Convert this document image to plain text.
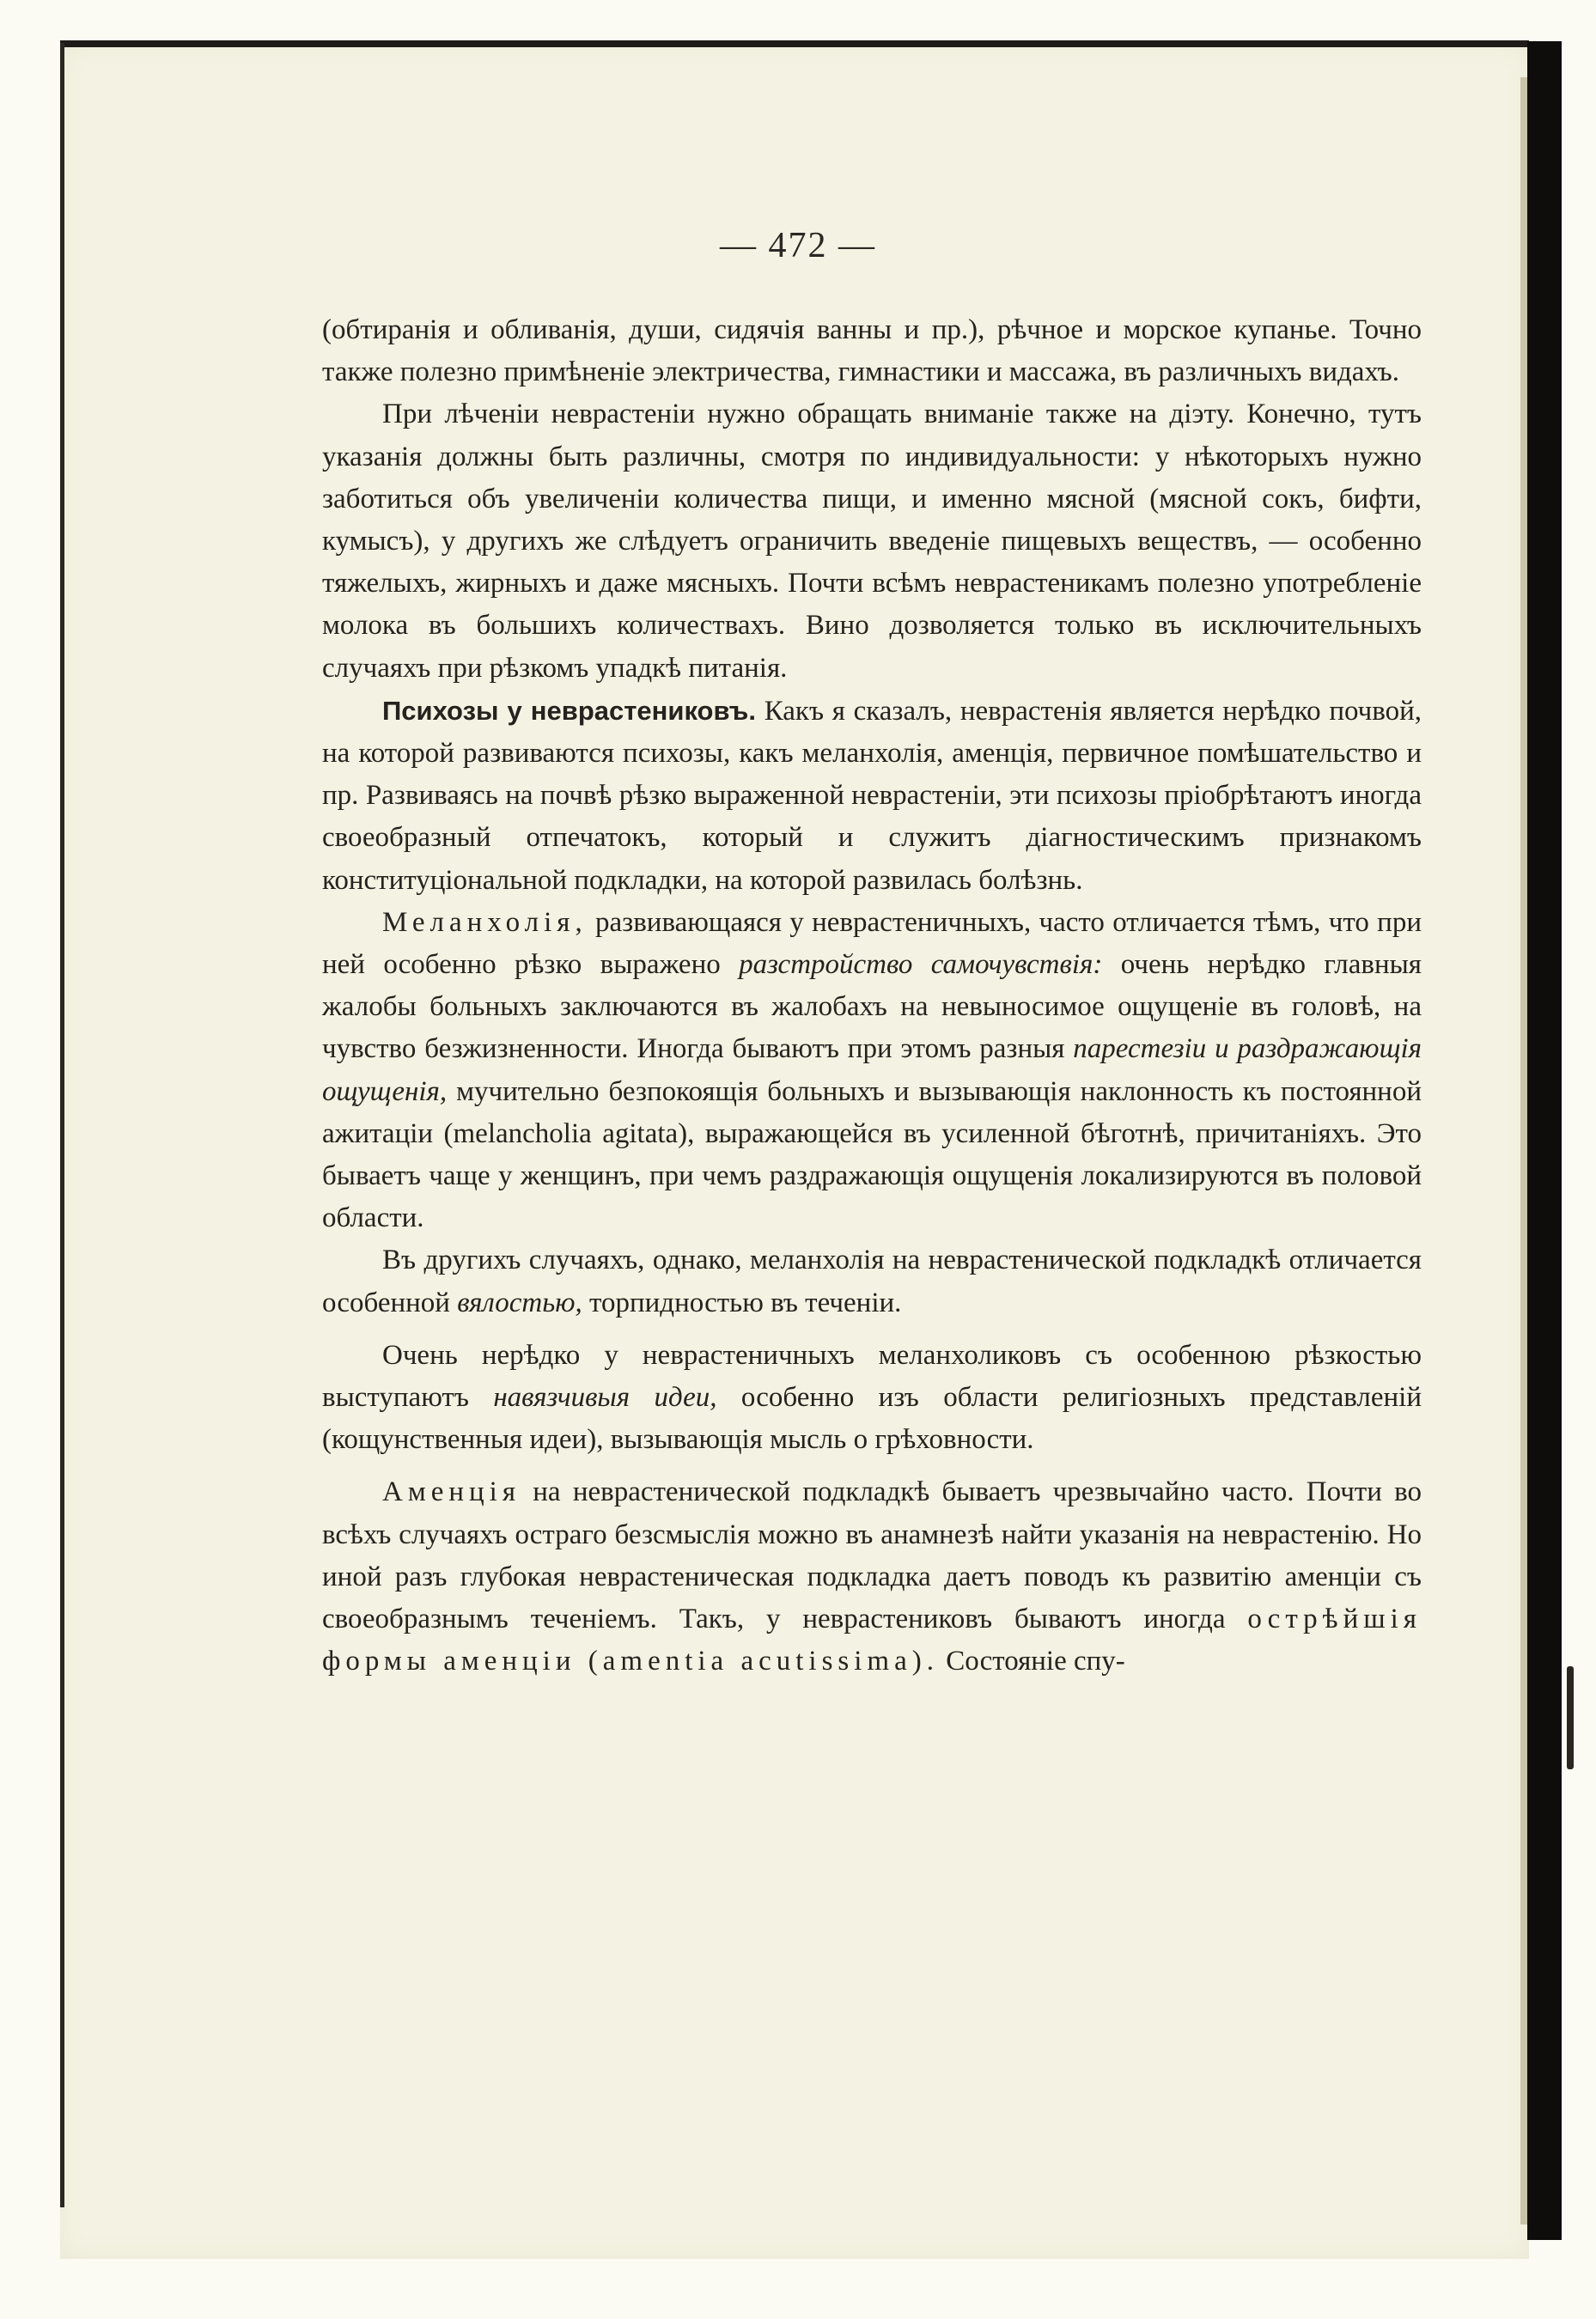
— 472 —

(обтиранія и обливанія, души, сидячія ванны и пр.), рѣчное и морское купанье. Точно также полезно примѣненіе электричества, гимнастики и массажа, въ различныхъ видахъ.

При лѣченіи неврастеніи нужно обращать вниманіе также на діэту. Конечно, тутъ указанія должны быть различны, смотря по индивидуальности: у нѣкоторыхъ нужно заботиться объ увеличеніи количества пищи, и именно мясной (мясной сокъ, бифти, кумысъ), у другихъ же слѣдуетъ ограничить введеніе пищевыхъ веществъ, — особенно тяжелыхъ, жирныхъ и даже мясныхъ. Почти всѣмъ неврастеникамъ полезно употребленіе молока въ большихъ количествахъ. Вино дозволяется только въ исключительныхъ случаяхъ при рѣзкомъ упадкѣ питанія.

Психозы у неврастениковъ. Какъ я сказалъ, неврастенія является нерѣдко почвой, на которой развиваются психозы, какъ меланхолія, аменція, первичное помѣшательство и пр. Развиваясь на почвѣ рѣзко выраженной неврастеніи, эти психозы пріобрѣтаютъ иногда своеобразный отпечатокъ, который и служитъ діагностическимъ признакомъ конституціональной подкладки, на которой развилась болѣзнь.

Меланхолія, развивающаяся у неврастеничныхъ, часто отличается тѣмъ, что при ней особенно рѣзко выражено разстройство самочувствія: очень нерѣдко главныя жалобы больныхъ заключаются въ жалобахъ на невыносимое ощущеніе въ головѣ, на чувство безжизненности. Иногда бываютъ при этомъ разныя парестезіи и раздражающія ощущенія, мучительно безпокоящія больныхъ и вызывающія наклонность къ постоянной ажитаціи (melancholia agitata), выражающейся въ усиленной бѣготнѣ, причитаніяхъ. Это бываетъ чаще у женщинъ, при чемъ раздражающія ощущенія локализируются въ половой области.

Въ другихъ случаяхъ, однако, меланхолія на неврастенической подкладкѣ отличается особенной вялостью, торпидностью въ теченіи.

Очень нерѣдко у неврастеничныхъ меланхоликовъ съ особенною рѣзкостью выступаютъ навязчивыя идеи, особенно изъ области религіозныхъ представленій (кощунственныя идеи), вызывающія мысль о грѣховности.

Аменція на неврастенической подкладкѣ бываетъ чрезвычайно часто. Почти во всѣхъ случаяхъ остраго безсмыслія можно въ анамнезѣ найти указанія на неврастенію. Но иной разъ глубокая неврастеническая подкладка даетъ поводъ къ развитію аменціи съ своеобразнымъ теченіемъ. Такъ, у неврастениковъ бываютъ иногда острѣйшія формы аменціи (amentia acutissima). Состояніе спу-
